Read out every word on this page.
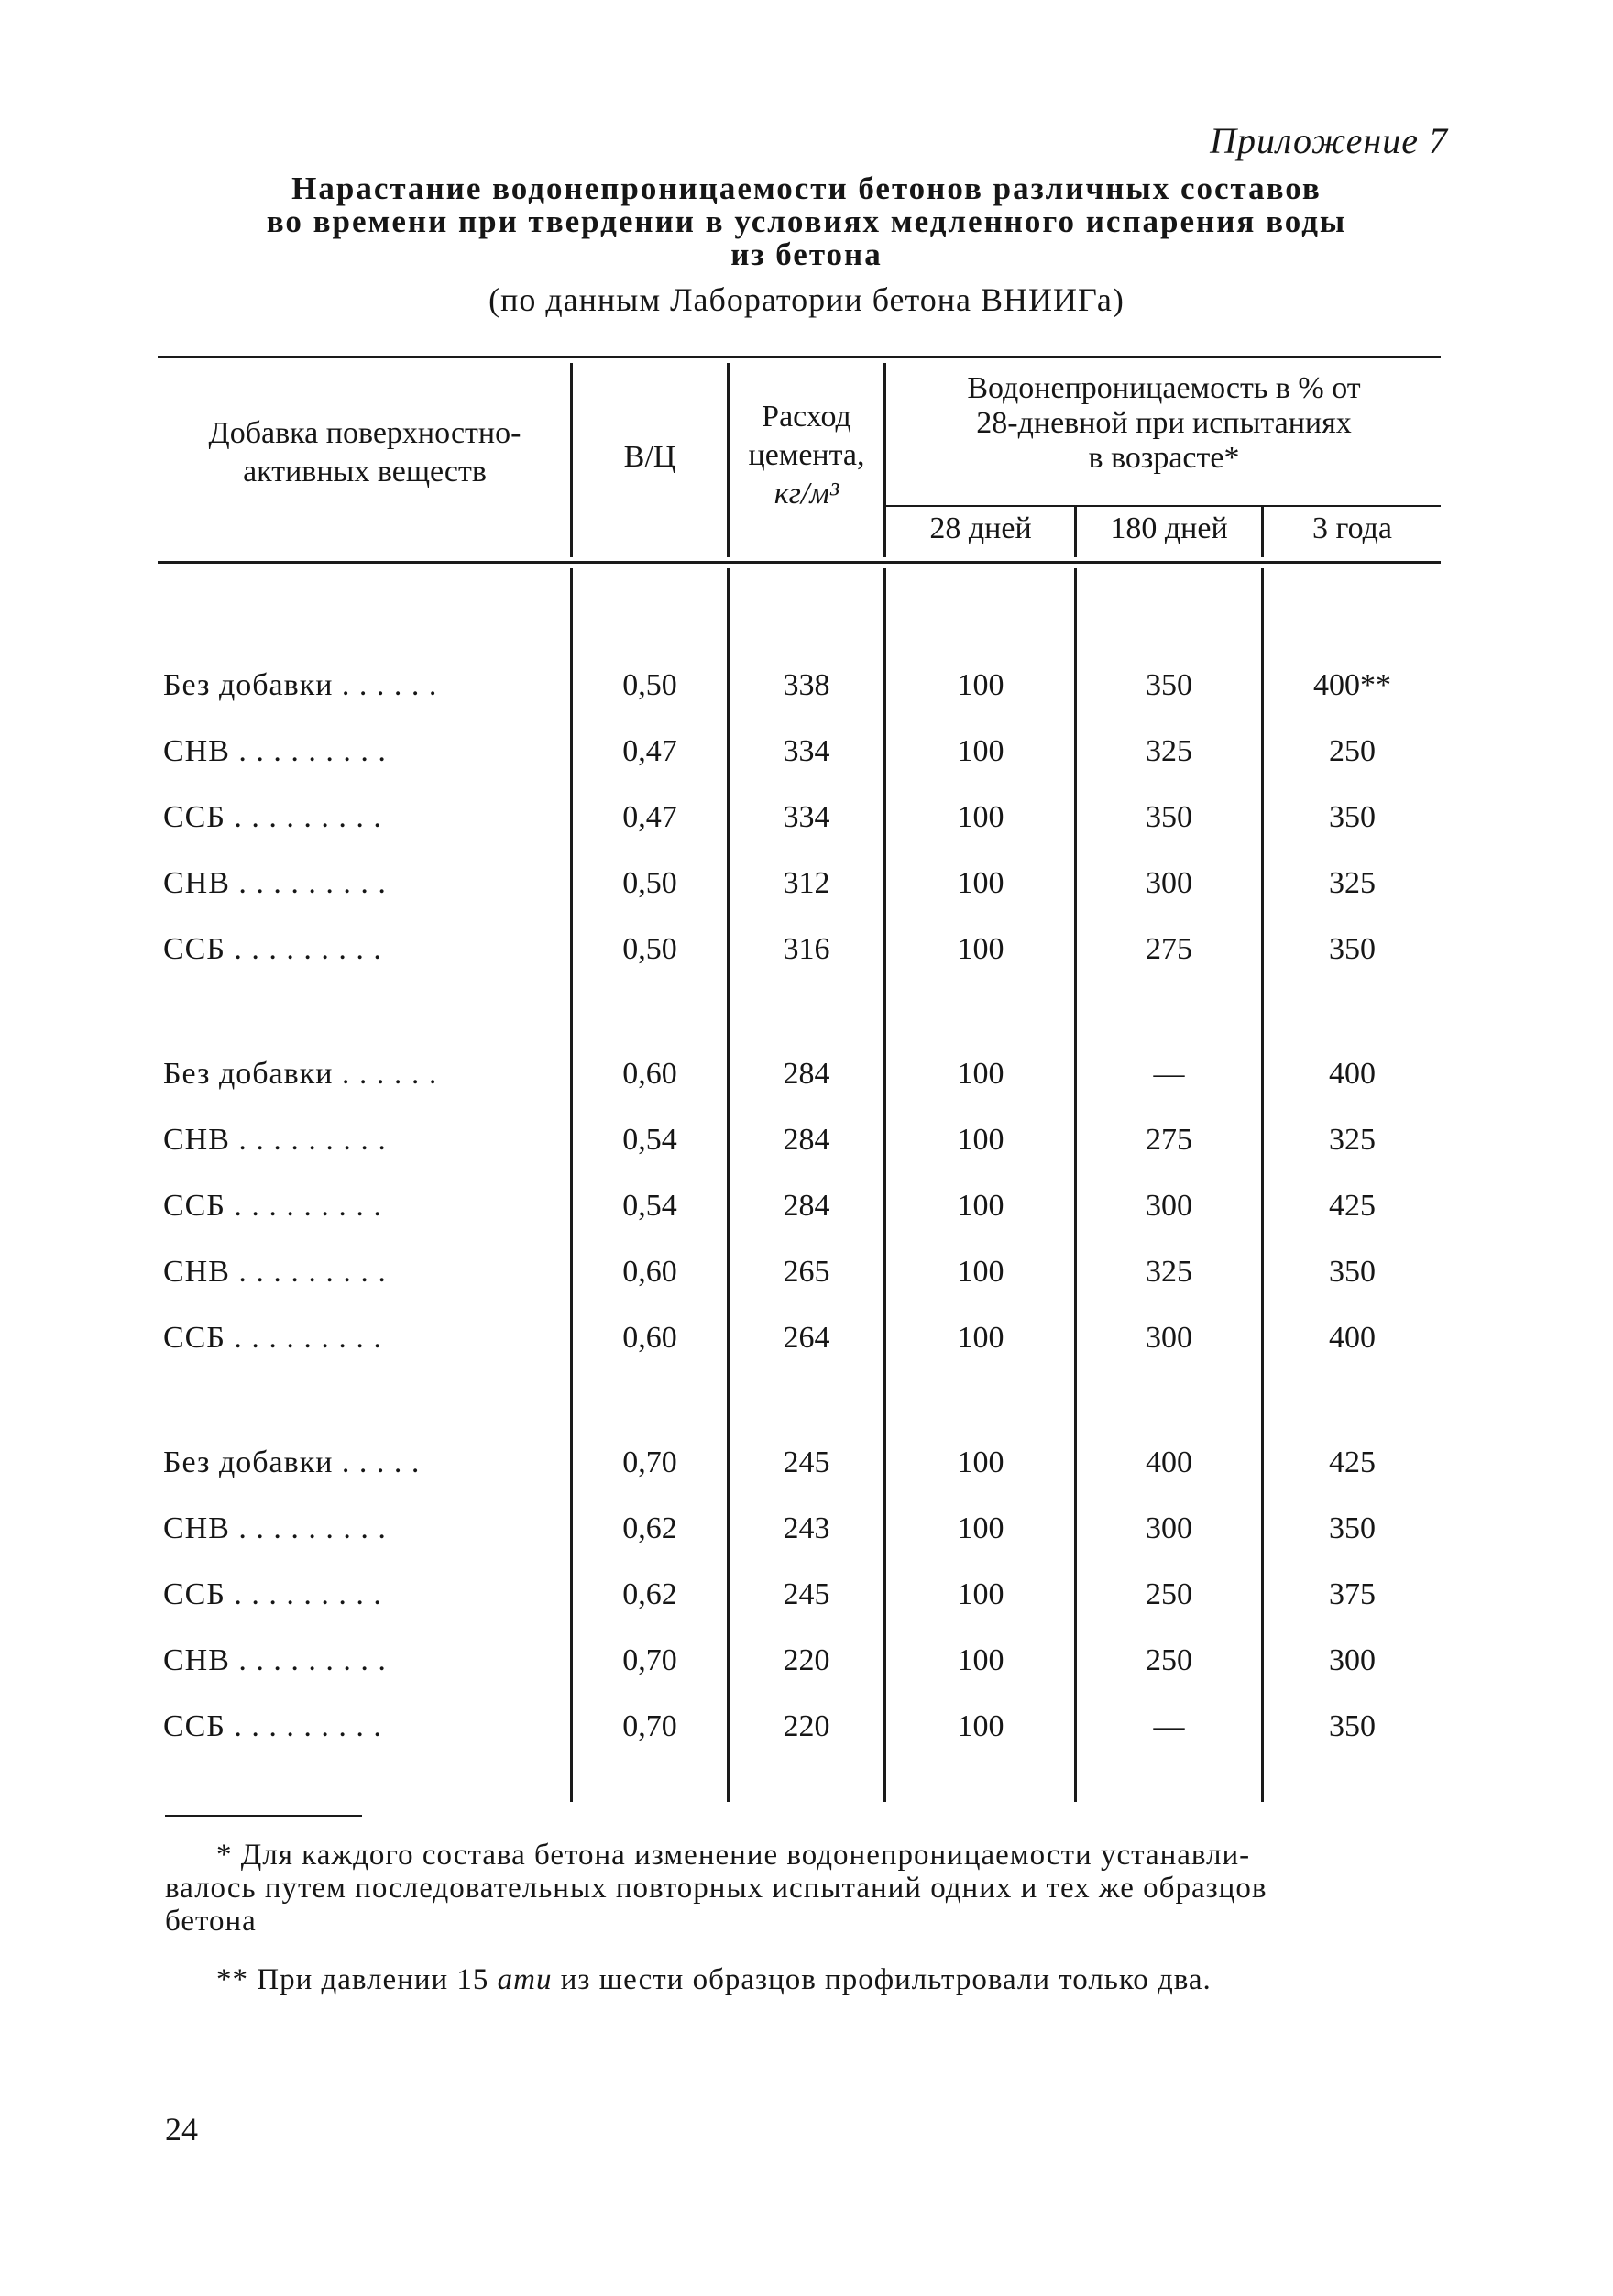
Приложение 7
Нарастание водонепроницаемости бетонов различных составов
во времени при твердении в условиях медленного испарения воды
из бетона
(по данным Лаборатории бетона ВНИИГа)
Добавка поверхностно-
активных веществ	В/Ц
Расход
цемента,
кг/м³
Водонепроницаемость в % от
28-дневной при испытаниях
в возрасте*
28 дней	180 дней	3 года
Без добавки . . . . . .	0,50	338	100	350	400**
СНВ . . . . . . . . .	0,47	334	100	325	250
ССБ . . . . . . . . .	0,47	334	100	350	350
СНВ . . . . . . . . .	0,50	312	100	300	325
ССБ . . . . . . . . .	0,50	316	100	275	350
Без добавки . . . . . .	0,60	284	100	—	400
СНВ . . . . . . . . .	0,54	284	100	275	325
ССБ . . . . . . . . .	0,54	284	100	300	425
СНВ . . . . . . . . .	0,60	265	100	325	350
ССБ . . . . . . . . .	0,60	264	100	300	400
Без добавки . . . . .	0,70	245	100	400	425
СНВ . . . . . . . . .	0,62	243	100	300	350
ССБ . . . . . . . . .	0,62	245	100	250	375
СНВ . . . . . . . . .	0,70	220	100	250	300
ССБ . . . . . . . . .	0,70	220	100	—	350
* Для каждого состава бетона изменение водонепроницаемости устанавли-
валось путем последовательных повторных испытаний одних и тех же образцов
бетона
** При давлении 15 ати из шести образцов профильтровали только два.
24
